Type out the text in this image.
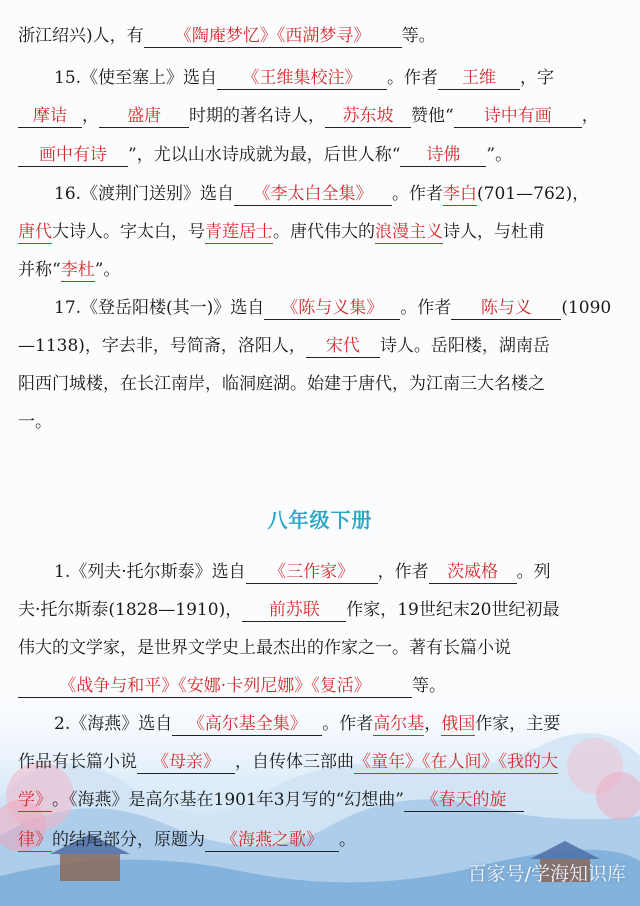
浙江绍兴)人，有 《陶庵梦忆》《西湖梦寻》 等。
15.《使至塞上》选自 《王维集校注》 。作者 王维 ，字
摩诘 ， 盛唐 时期的著名诗人， 苏东坡 赞他“ 诗中有画 ，
画中有诗 ”，尤以山水诗成就为最，后世人称“ 诗佛 ”。
16.《渡荆门送别》选自 《李太白全集》 。作者李白(701—762)，
唐代大诗人。字太白，号青莲居士。唐代伟大的浪漫主义诗人，与杜甫
并称“李杜”。
17.《登岳阳楼(其一)》选自 《陈与义集》 。作者 陈与义 (1090
—1138)，字去非，号简斋，洛阳人， 宋代 诗人。岳阳楼，湖南岳
阳西门城楼，在长江南岸，临洞庭湖。始建于唐代，为江南三大名楼之
一。
八年级下册
1.《列夫·托尔斯泰》选自 《三作家》 ，作者 茨威格 。列
夫·托尔斯泰(1828—1910)， 前苏联 作家，19世纪末20世纪初最
伟大的文学家，是世界文学史上最杰出的作家之一。著有长篇小说
《战争与和平》《安娜·卡列尼娜》《复活》 等。
2.《海燕》选自 《高尔基全集》 。作者高尔基，俄国作家，主要
作品有长篇小说 《母亲》 ，自传体三部曲《童年》《在人间》《我的大
学》。《海燕》是高尔基在1901年3月写的“幻想曲” 《春天的旋
律》的结尾部分，原题为 《海燕之歌》 。
百家号/学海知识库
